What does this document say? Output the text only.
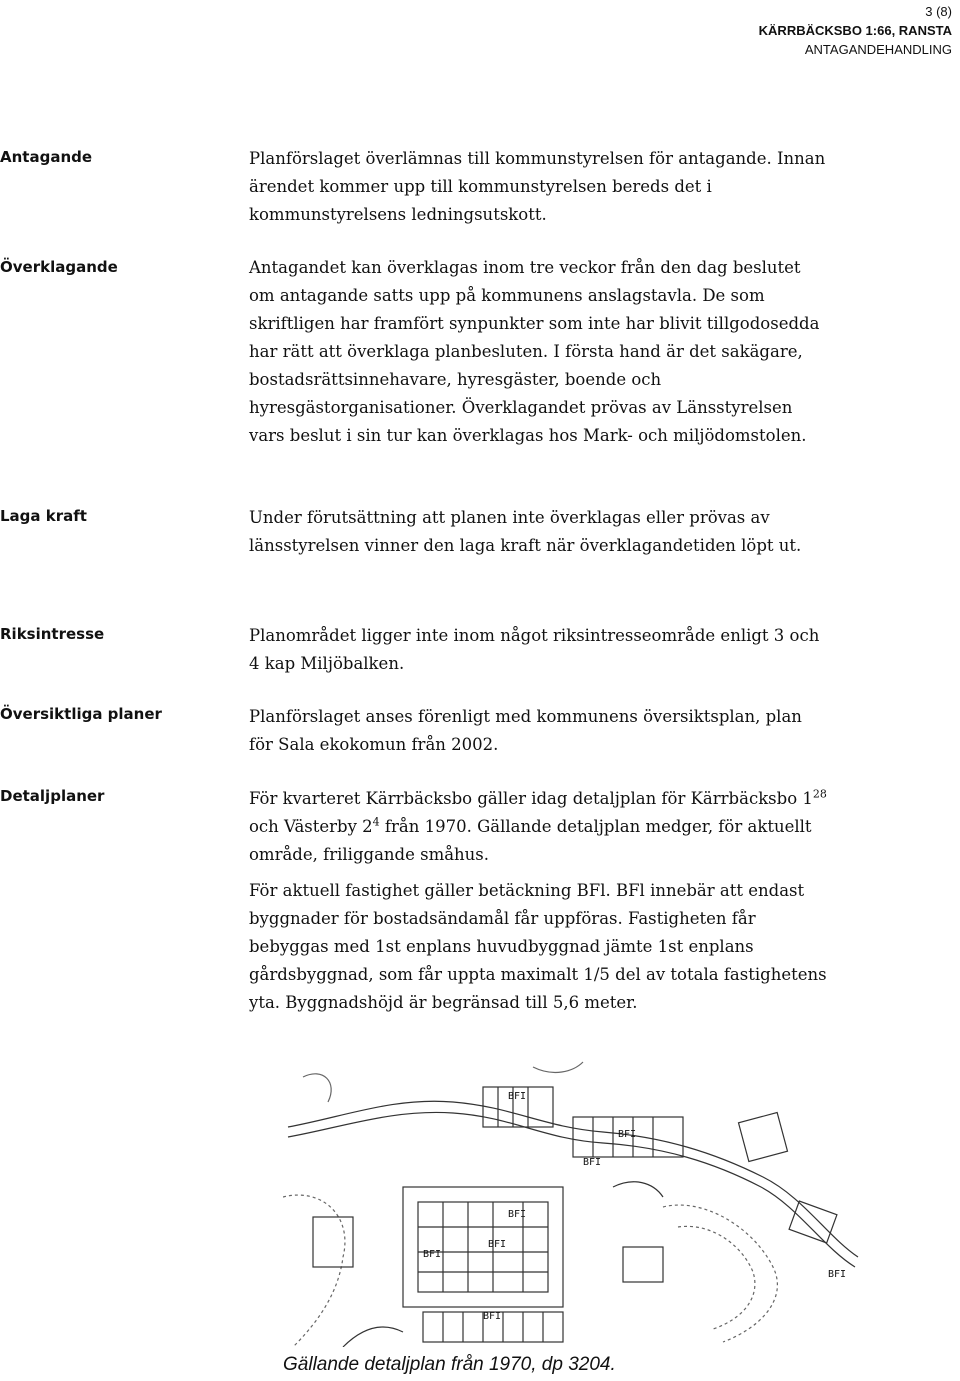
3 (8)
KÄRRBÄCKSBO 1:66, RANSTA
ANTAGANDEHANDLING
Antagande	Planförslaget överlämnas till kommunstyrelsen för antagande. Innan
ärendet kommer upp till kommunstyrelsen bereds det i
kommunstyrelsens ledningsutskott.
Överklagande	Antagandet kan överklagas inom tre veckor från den dag beslutet
om antagande satts upp på kommunens anslagstavla. De som
skriftligen har framfört synpunkter som inte har blivit tillgodosedda
har rätt att överklaga planbesluten. I första hand är det sakägare,
bostadsrättsinnehavare, hyresgäster, boende och
hyresgästorganisationer. Överklagandet prövas av Länsstyrelsen
vars beslut i sin tur kan överklagas hos Mark- och miljödomstolen.
Laga kraft	Under förutsättning att planen inte överklagas eller prövas av
länsstyrelsen vinner den laga kraft när överklagandetiden löpt ut.
Riksintresse	Planområdet ligger inte inom något riksintresseområde enligt 3 och
4 kap Miljöbalken.
Översiktliga planer	Planförslaget anses förenligt med kommunens översiktsplan, plan
för Sala ekokomun från 2002.
Detaljplaner	För kvarteret Kärrbäcksbo gäller idag detaljplan för Kärrbäcksbo $1^{28}$
och Västerby $2^4$ från 1970. Gällande detaljplan medger, för aktuellt
område, friliggande småhus.
För aktuell fastighet gäller betäckning BFl. BFl innebär att endast
byggnader för bostadsändamål får uppföras. Fastigheten får
bebyggas med 1st enplans huvudbyggnad jämte 1st enplans
gårdsbyggnad, som får uppta maximalt 1/5 del av totala fastighetens
yta. Byggnadshöjd är begränsad till 5,6 meter.
BFI
BFI
BFI
BFI
BFI
BFI
BFI
BFI
Gällande detaljplan från 1970, dp 3204.
